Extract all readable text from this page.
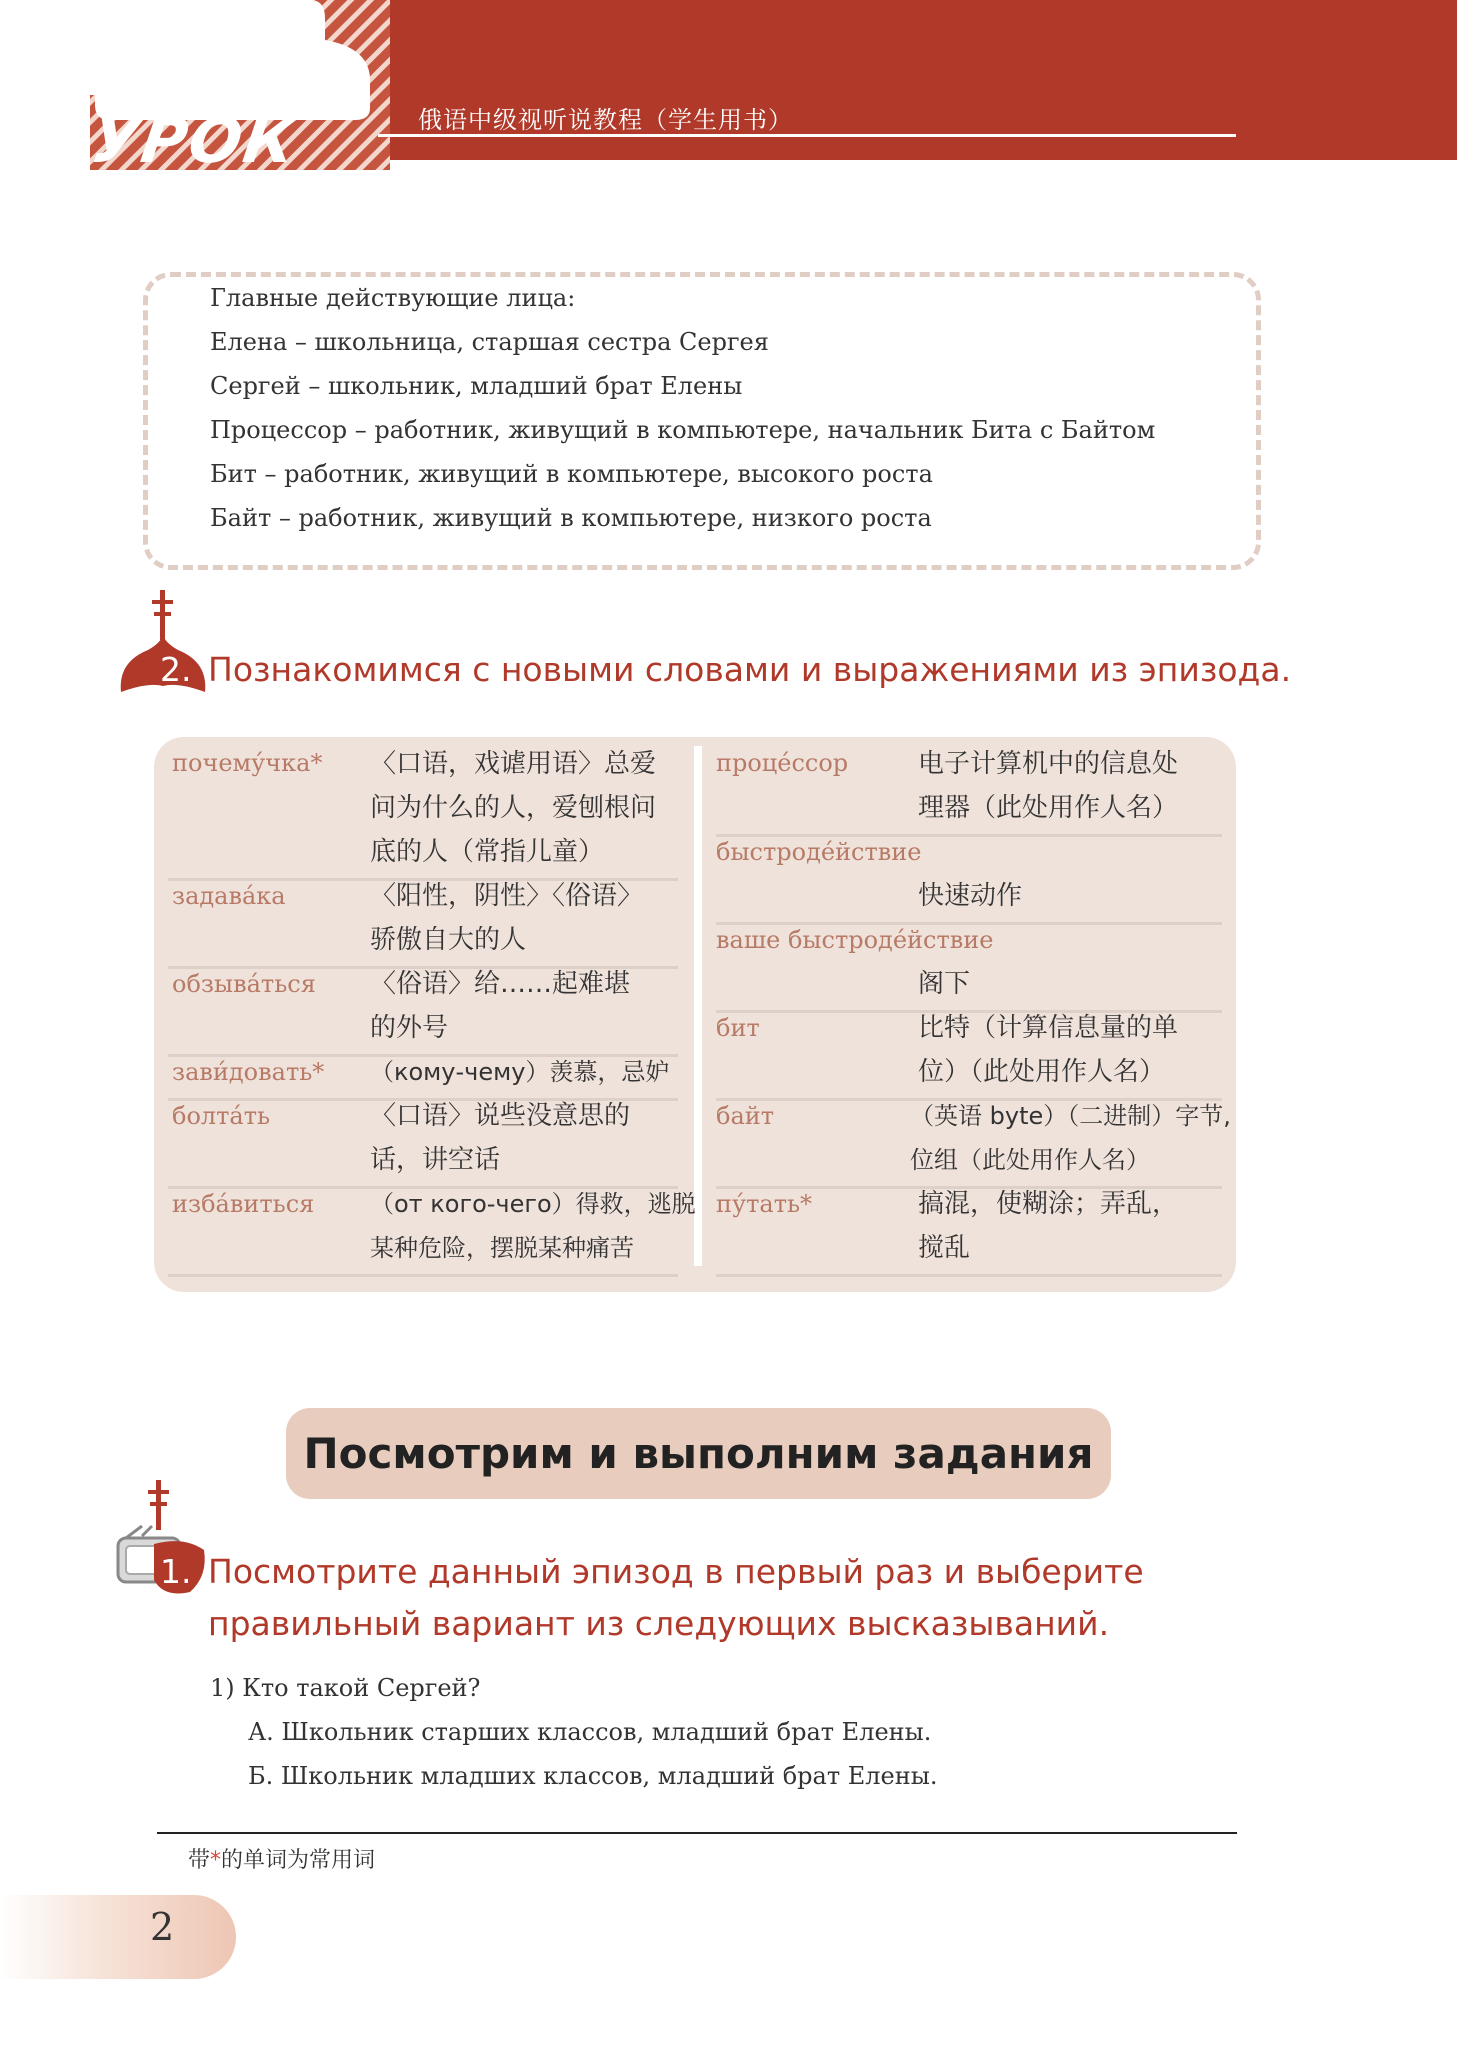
УРОК	俄语中级视听说教程（学生用书）
Главные действующие лица:
Елена – школьница, старшая сестра Сергея
Сергей – школьник, младший брат Елены
Процессор – работник, живущий в компьютере, начальник Бита с Байтом
Бит – работник, живущий в компьютере, высокого роста
Байт – работник, живущий в компьютере, низкого роста
2. Познакомимся с новыми словами и выражениями из эпизода.
почему́чка* 〈口语，戏谑用语〉总爱
问为什么的人，爱刨根问
底的人（常指儿童）
задава́ка	〈阳性，阴性〉〈俗语〉
骄傲自大的人
обзыва́ться 〈俗语〉给……起难堪
的外号
зави́довать* （кому-чему）羡慕，忌妒
болта́ть	〈口语〉说些没意思的
话，讲空话
изба́виться （от кого-чего）得救，逃脱
某种危险，摆脱某种痛苦
проце́ссор	电子计算机中的信息处
理器（此处用作人名）
быстроде́йствие
快速动作
ваше быстроде́йствие
阁下
бит	比特（计算信息量的单
位）（此处用作人名）
байт	（英语 byte）（二进制）字节,
位组（此处用作人名）
пу́тать*	搞混，使糊涂；弄乱，
搅乱
Посмотрим и выполним задания
1. Посмотрите данный эпизод в первый раз и выберите
правильный вариант из следующих высказываний.
1) Кто такой Сергей?
А. Школьник старших классов, младший брат Елены.
Б. Школьник младших классов, младший брат Елены.
带*的单词为常用词
2
